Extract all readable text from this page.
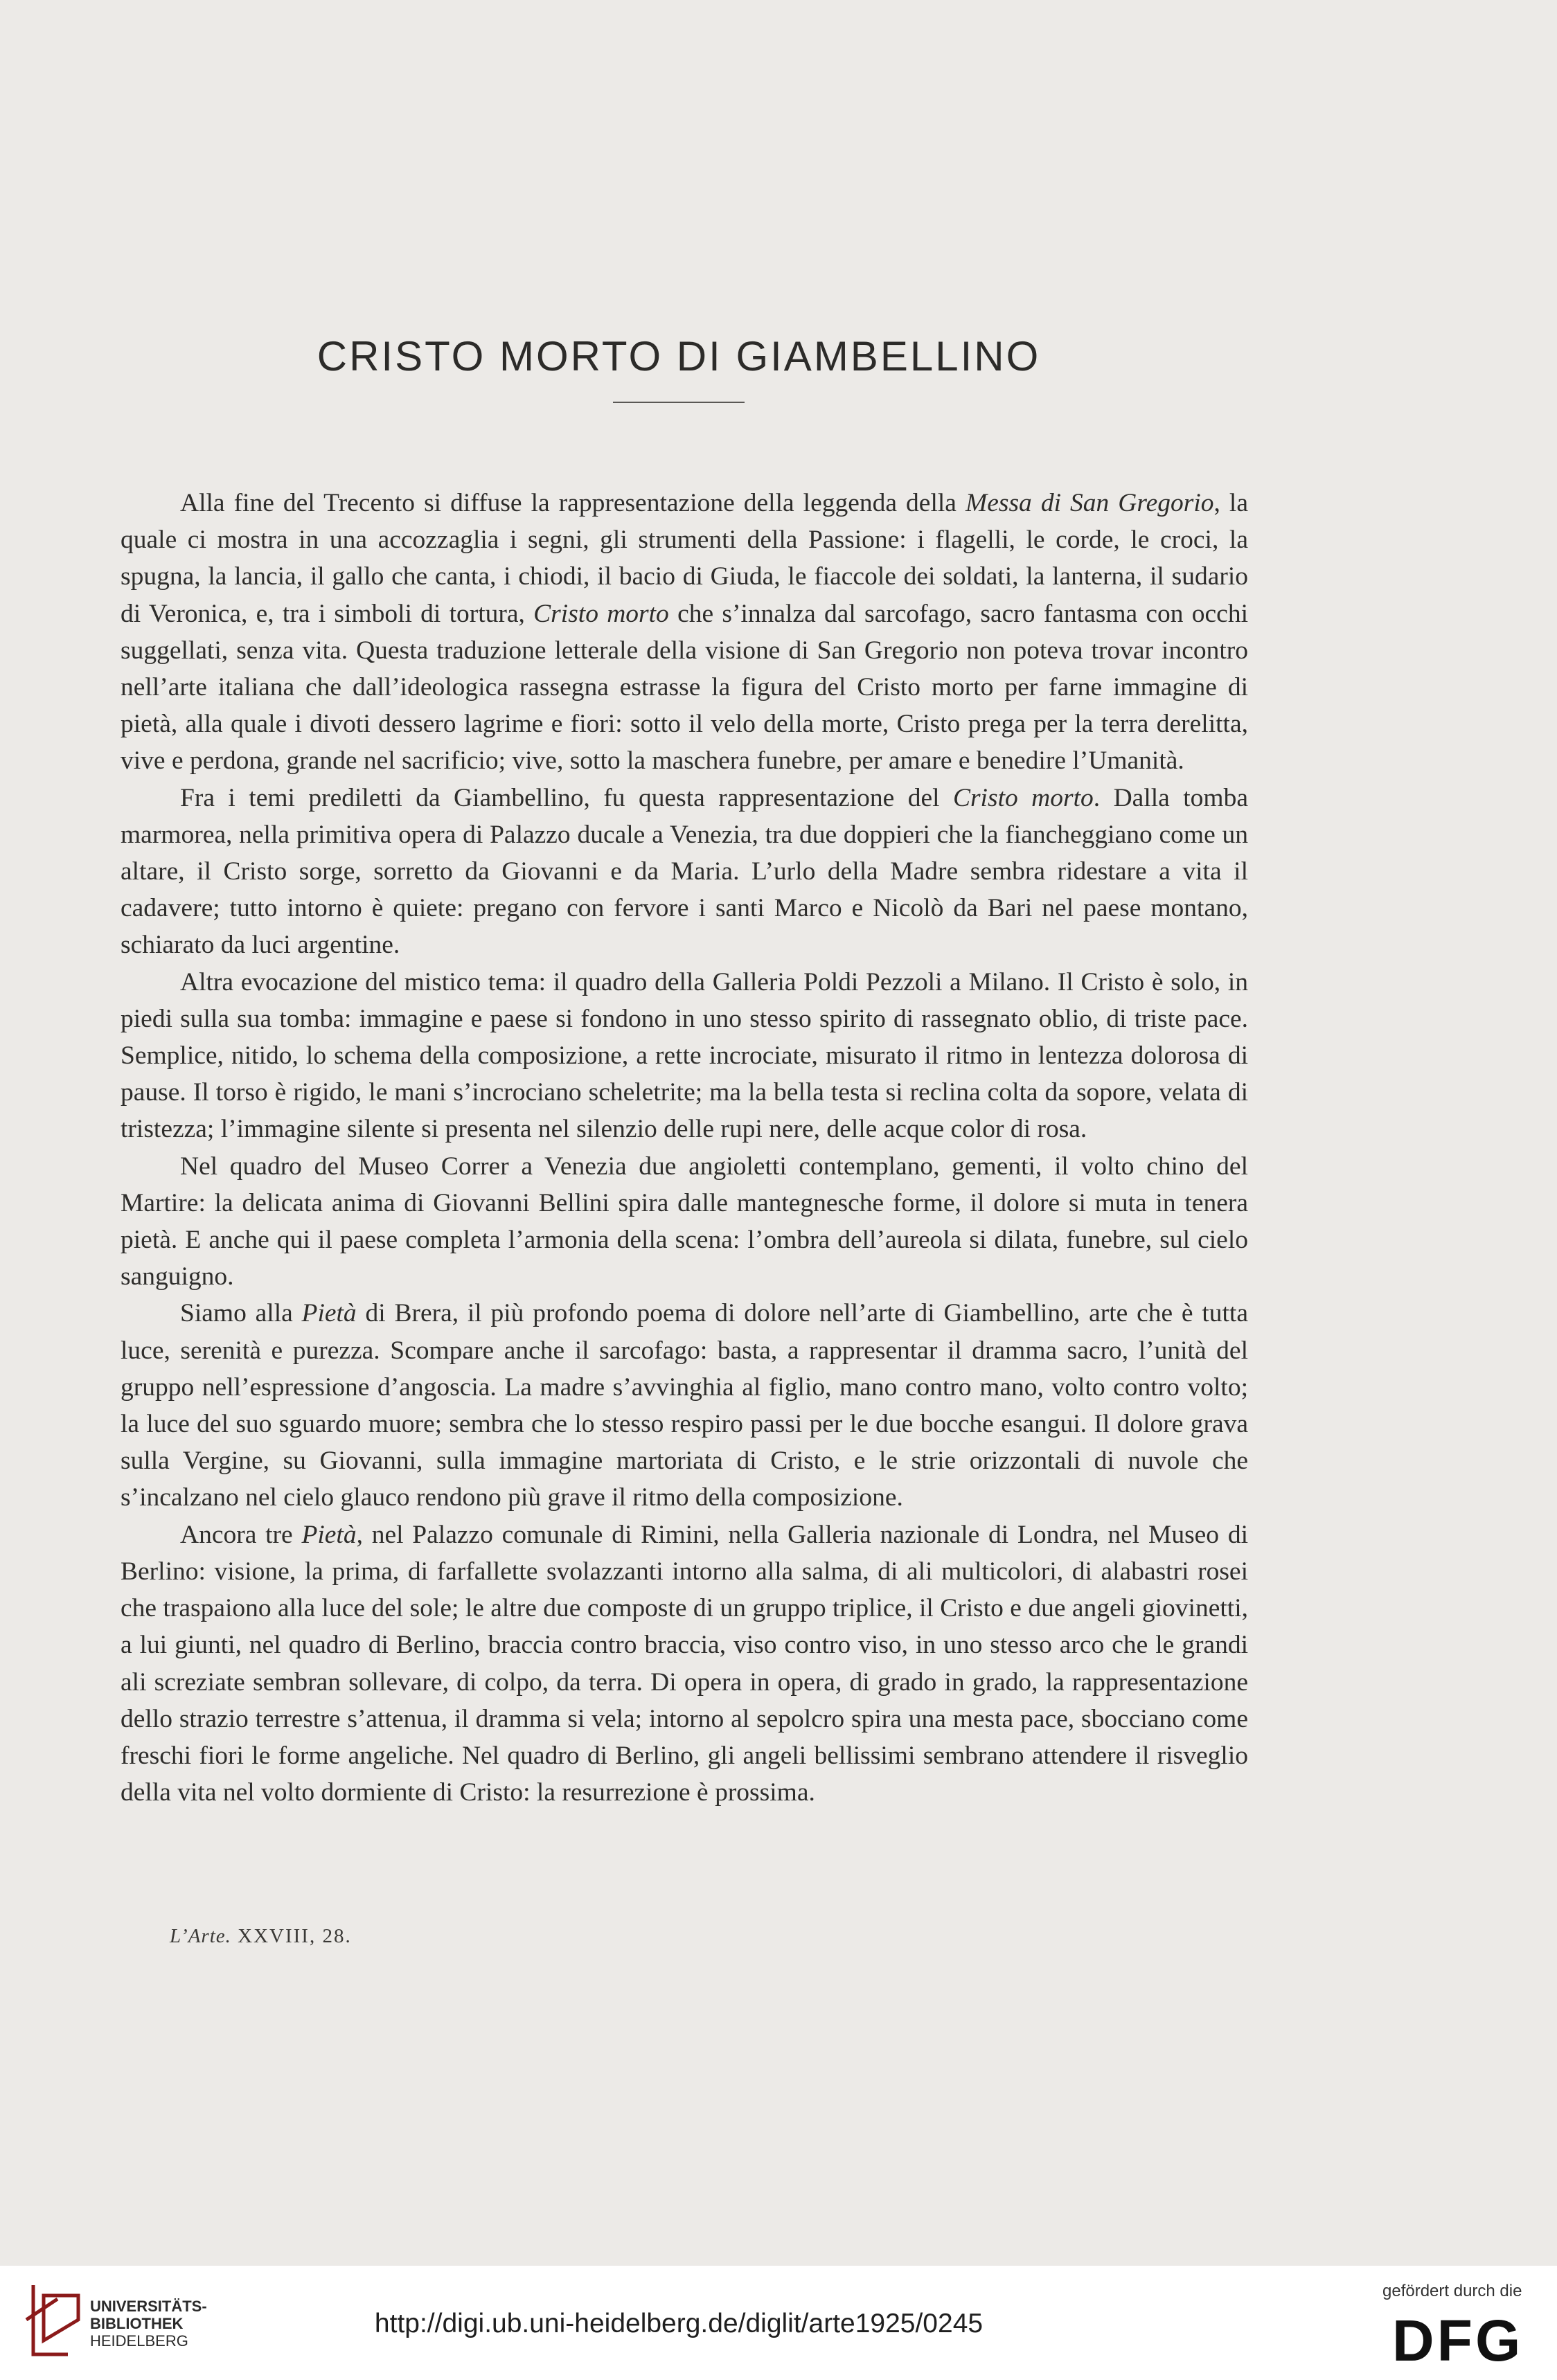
CRISTO MORTO DI GIAMBELLINO

Alla fine del Trecento si diffuse la rappresentazione della leggenda della Messa di San Gregorio, la quale ci mostra in una accozzaglia i segni, gli strumenti della Passione: i flagelli, le corde, le croci, la spugna, la lancia, il gallo che canta, i chiodi, il bacio di Giuda, le fiaccole dei soldati, la lanterna, il sudario di Veronica, e, tra i simboli di tortura, Cristo morto che s’innalza dal sarcofago, sacro fantasma con occhi suggellati, senza vita. Questa traduzione letterale della visione di San Gregorio non poteva trovar incontro nell’arte italiana che dall’ideologica rassegna estrasse la figura del Cristo morto per farne immagine di pietà, alla quale i divoti dessero lagrime e fiori: sotto il velo della morte, Cristo prega per la terra derelitta, vive e perdona, grande nel sacrificio; vive, sotto la maschera funebre, per amare e benedire l’Umanità.

Fra i temi prediletti da Giambellino, fu questa rappresentazione del Cristo morto. Dalla tomba marmorea, nella primitiva opera di Palazzo ducale a Venezia, tra due doppieri che la fiancheggiano come un altare, il Cristo sorge, sorretto da Giovanni e da Maria. L’urlo della Madre sembra ridestare a vita il cadavere; tutto intorno è quiete: pregano con fervore i santi Marco e Nicolò da Bari nel paese montano, schiarato da luci argentine.

Altra evocazione del mistico tema: il quadro della Galleria Poldi Pezzoli a Milano. Il Cristo è solo, in piedi sulla sua tomba: immagine e paese si fondono in uno stesso spirito di rassegnato oblio, di triste pace. Semplice, nitido, lo schema della composizione, a rette incrociate, misurato il ritmo in lentezza dolorosa di pause. Il torso è rigido, le mani s’incrociano scheletrite; ma la bella testa si reclina colta da sopore, velata di tristezza; l’immagine silente si presenta nel silenzio delle rupi nere, delle acque color di rosa.

Nel quadro del Museo Correr a Venezia due angioletti contemplano, gementi, il volto chino del Martire: la delicata anima di Giovanni Bellini spira dalle mantegnesche forme, il dolore si muta in tenera pietà. E anche qui il paese completa l’armonia della scena: l’ombra dell’aureola si dilata, funebre, sul cielo sanguigno.

Siamo alla Pietà di Brera, il più profondo poema di dolore nell’arte di Giambellino, arte che è tutta luce, serenità e purezza. Scompare anche il sarcofago: basta, a rappresentar il dramma sacro, l’unità del gruppo nell’espressione d’angoscia. La madre s’avvinghia al figlio, mano contro mano, volto contro volto; la luce del suo sguardo muore; sembra che lo stesso respiro passi per le due bocche esangui. Il dolore grava sulla Vergine, su Giovanni, sulla immagine martoriata di Cristo, e le strie orizzontali di nuvole che s’incalzano nel cielo glauco rendono più grave il ritmo della composizione.

Ancora tre Pietà, nel Palazzo comunale di Rimini, nella Galleria nazionale di Londra, nel Museo di Berlino: visione, la prima, di farfallette svolazzanti intorno alla salma, di ali multicolori, di alabastri rosei che traspaiono alla luce del sole; le altre due composte di un gruppo triplice, il Cristo e due angeli giovinetti, a lui giunti, nel quadro di Berlino, braccia contro braccia, viso contro viso, in uno stesso arco che le grandi ali screziate sembran sollevare, di colpo, da terra. Di opera in opera, di grado in grado, la rappresentazione dello strazio terrestre s’attenua, il dramma si vela; intorno al sepolcro spira una mesta pace, sbocciano come freschi fiori le forme angeliche. Nel quadro di Berlino, gli angeli bellissimi sembrano attendere il risveglio della vita nel volto dormiente di Cristo: la resurrezione è prossima.

L’Arte. XXVIII, 28.
UNIVERSITÄTS-
BIBLIOTHEK
HEIDELBERG
http://digi.ub.uni-heidelberg.de/diglit/arte1925/0245
gefördert durch die
DFG
